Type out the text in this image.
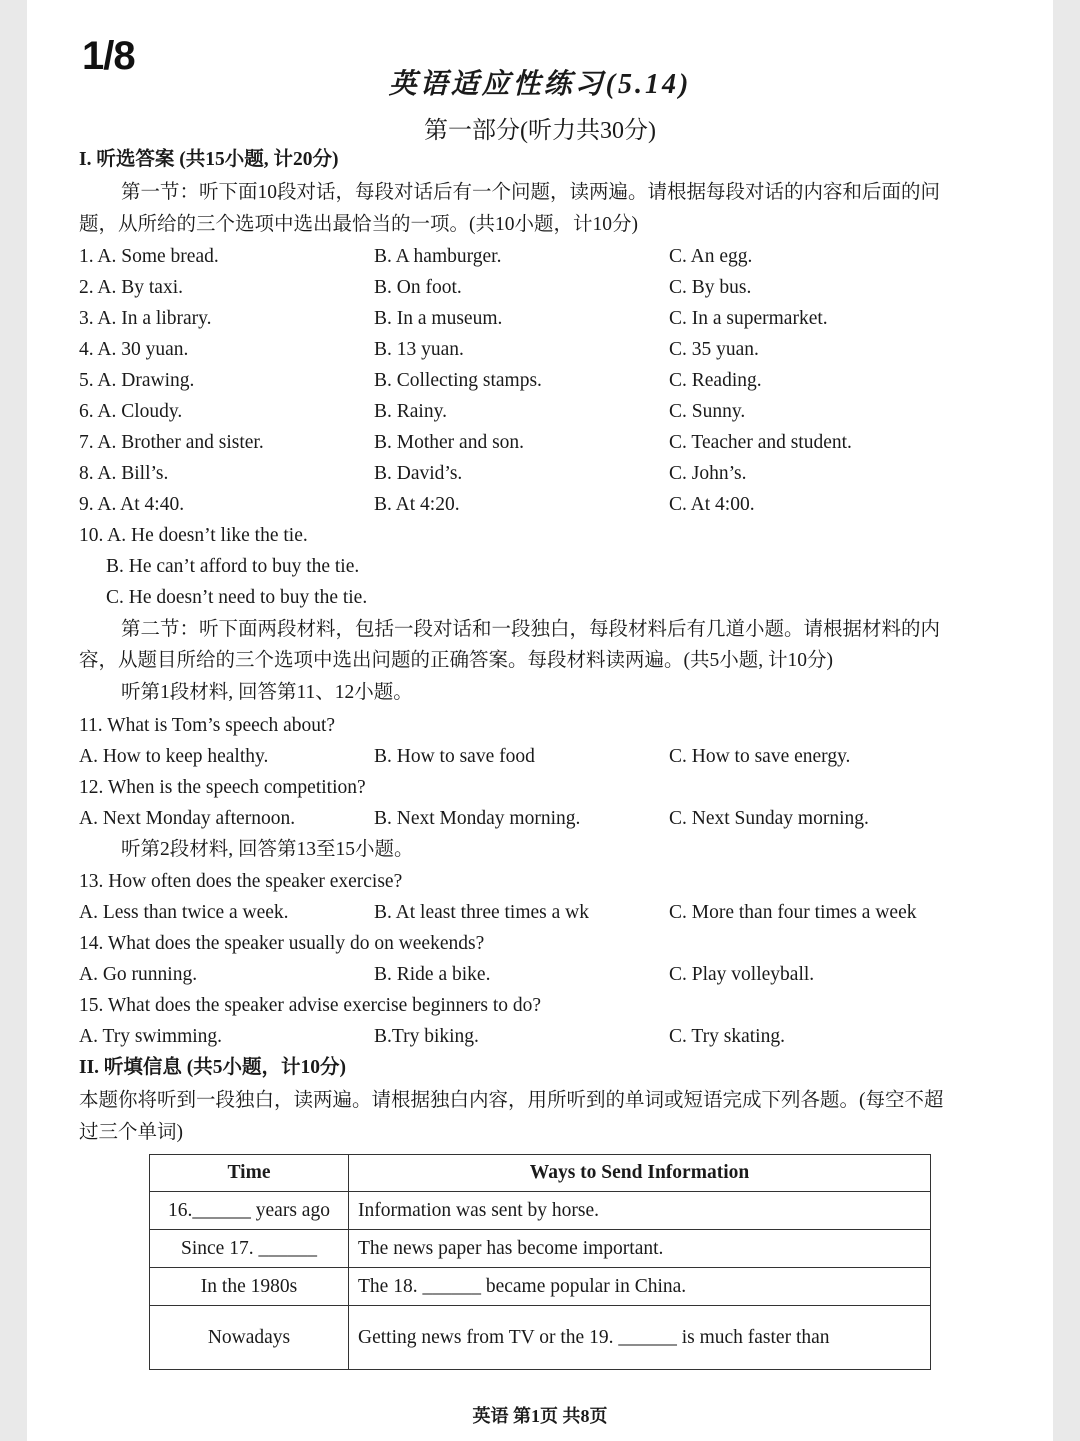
1/8
英语适应性练习(5.14)
第一部分(听力共30分)
I. 听选答案 (共15小题, 计20分)
第一节：听下面10段对话，每段对话后有一个问题，读两遍。请根据每段对话的内容和后面的问
题，从所给的三个选项中选出最恰当的一项。(共10小题，计10分)
1. A. Some bread.	B. A hamburger.	C. An egg.
2. A. By taxi.	B. On foot.	C. By bus.
3. A. In a library.	B. In a museum.	C. In a supermarket.
4. A. 30 yuan.	B. 13 yuan.	C. 35 yuan.
5. A. Drawing.	B. Collecting stamps.	C. Reading.
6. A. Cloudy.	B. Rainy.	C. Sunny.
7. A. Brother and sister.	B. Mother and son.	C. Teacher and student.
8. A. Bill’s.	B. David’s.	C. John’s.
9. A. At 4:40.	B. At 4:20.	C. At 4:00.
10. A. He doesn’t like the tie.
B. He can’t afford to buy the tie.
C. He doesn’t need to buy the tie.
第二节：听下面两段材料，包括一段对话和一段独白，每段材料后有几道小题。请根据材料的内
容，从题目所给的三个选项中选出问题的正确答案。每段材料读两遍。(共5小题, 计10分)
听第1段材料, 回答第11、12小题。
11. What is Tom’s speech about?
A. How to keep healthy.	B. How to save food	C. How to save energy.
12. When is the speech competition?
A. Next Monday afternoon.	B. Next Monday morning.	C. Next Sunday morning.
听第2段材料, 回答第13至15小题。
13. How often does the speaker exercise?
A. Less than twice a week.	B. At least three times a wk	C. More than four times a week
14. What does the speaker usually do on weekends?
A. Go running.	B. Ride a bike.	C. Play volleyball.
15. What does the speaker advise exercise beginners to do?
A. Try swimming.	B.Try biking.	C. Try skating.
II. 听填信息 (共5小题，计10分)
本题你将听到一段独白，读两遍。请根据独白内容，用所听到的单词或短语完成下列各题。(每空不超
过三个单词)
Time	Ways to Send Information
16.______ years ago	Information was sent by horse.
Since 17. ______	The news paper has become important.
In the 1980s	The 18. ______ became popular in China.
Nowadays	Getting news from TV or the 19. ______ is much faster than
英语 第1页 共8页
